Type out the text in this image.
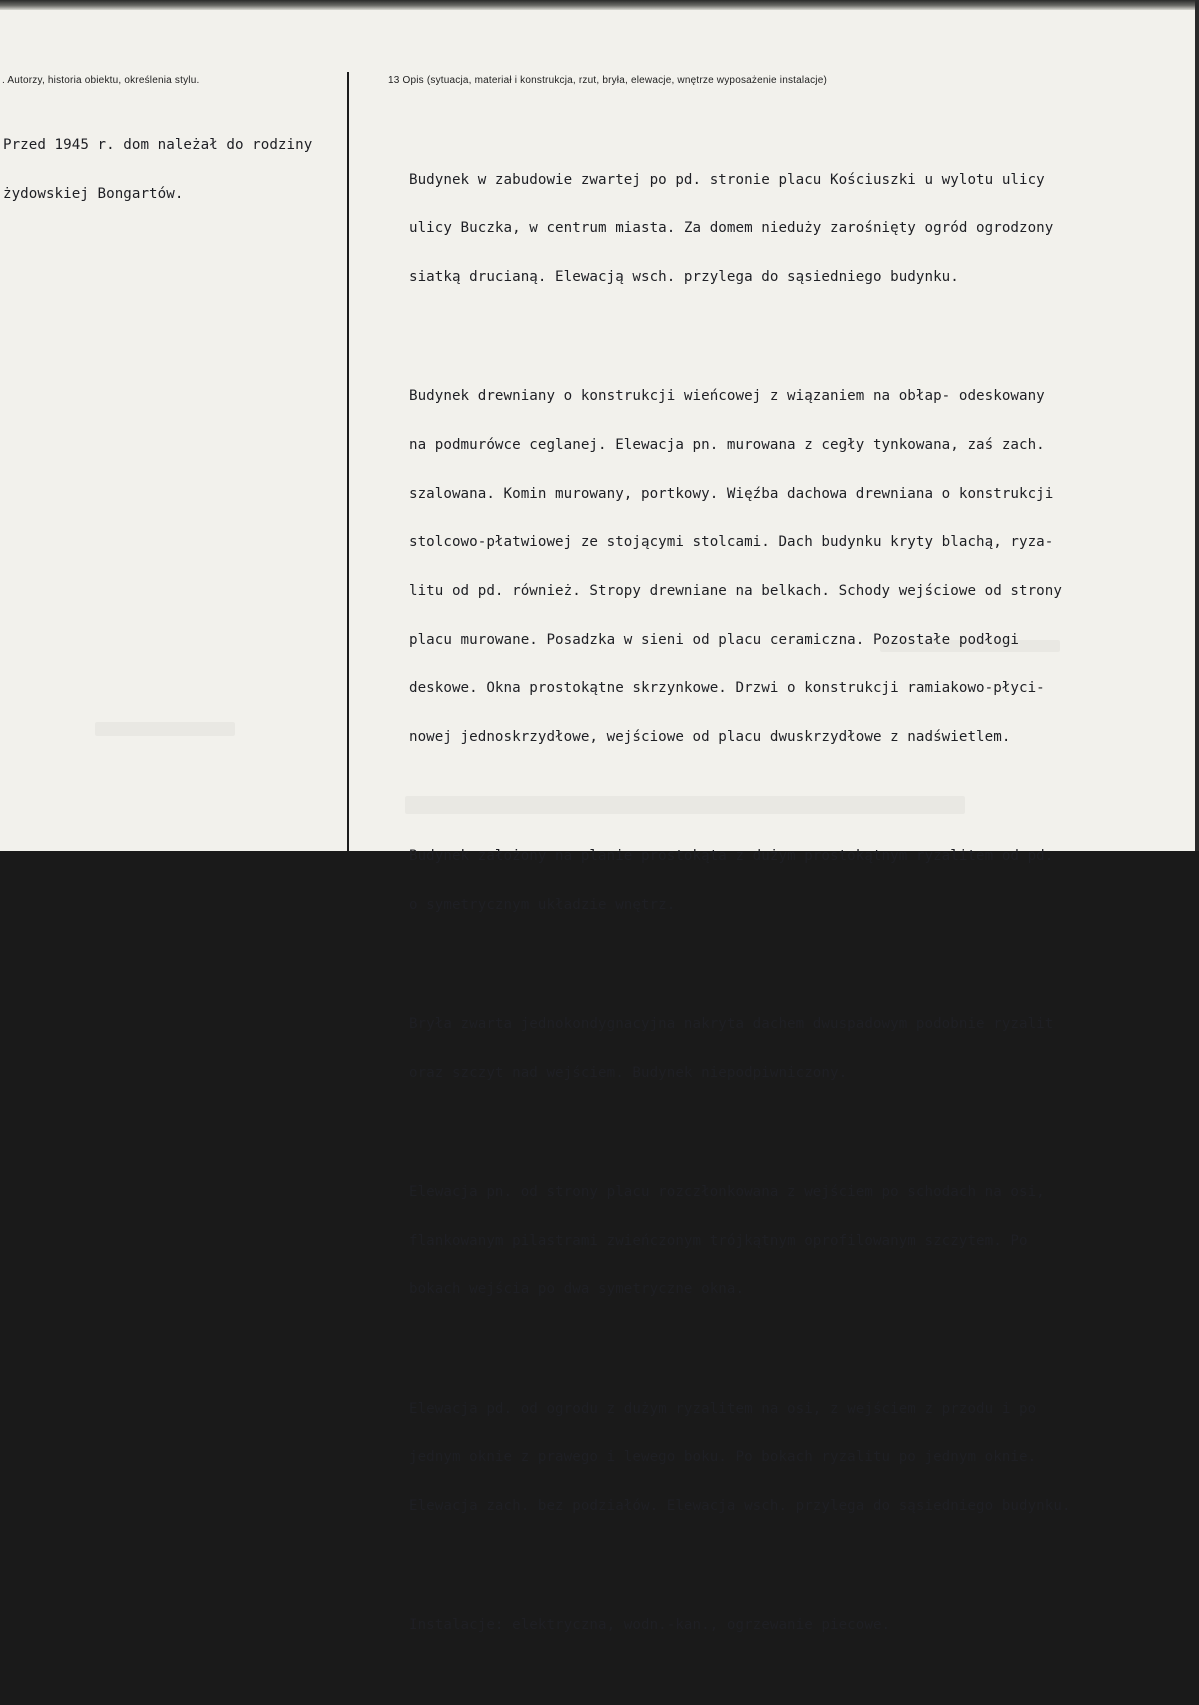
. Autorzy, historia obiektu, określenia stylu.	13 Opis (sytuacja, materiał i konstrukcja, rzut, bryła, elewacje, wnętrze wyposażenie instalacje)

Przed 1945 r. dom należał do rodziny

żydowskiej Bongartów.

Budynek w zabudowie zwartej po pd. stronie placu Kościuszki u wylotu ulicy

ulicy Buczka, w centrum miasta. Za domem nieduży zarośnięty ogród ogrodzony

siatką drucianą. Elewacją wsch. przylega do sąsiedniego budynku.

Budynek drewniany o konstrukcji wieńcowej z wiązaniem na obłap- odeskowany

na podmurówce ceglanej. Elewacja pn. murowana z cegły tynkowana, zaś zach.

szalowana. Komin murowany, portkowy. Więźba dachowa drewniana o konstrukcji

stolcowo-płatwiowej ze stojącymi stolcami. Dach budynku kryty blachą, ryza-

litu od pd. również. Stropy drewniane na belkach. Schody wejściowe od strony

placu murowane. Posadzka w sieni od placu ceramiczna. Pozostałe podłogi

deskowe. Okna prostokątne skrzynkowe. Drzwi o konstrukcji ramiakowo-płyci-

nowej jednoskrzydłowe, wejściowe od placu dwuskrzydłowe z nadświetlem.

Budynek założony na planie prostokąta z dużym prostokątnym ryzalitem od pd.

o symetrycznym układzie wnętrz.

Bryła zwarta jednokondygnacyjna nakryta dachem dwuspadowym podobnie ryzalit

oraz szczyt nad wejściem. Budynek niepodpiwniczony.

Elewacja pn. od strony placu rozczłonkowana z wejściem po schodach na osi,

flankowanym pilastrami zwieńczonym trójkątnym oprofilowanym szczytem. Po

bokach wejścia po dwa symetryczne okna.

Elewacja pd. od ogrodu z dużym ryzalitem na osi, z wejściem z przodu i po

jednym oknie z prawego i lewego boku. Po bokach ryzalitu po jednym oknie.

Elewacja zach. bez podziałów. Elewacja wsch. przylega do sąsiedniego budynku.

Instalacje: elektryczna, wodn.-kan., ogrzewanie piecowe.
